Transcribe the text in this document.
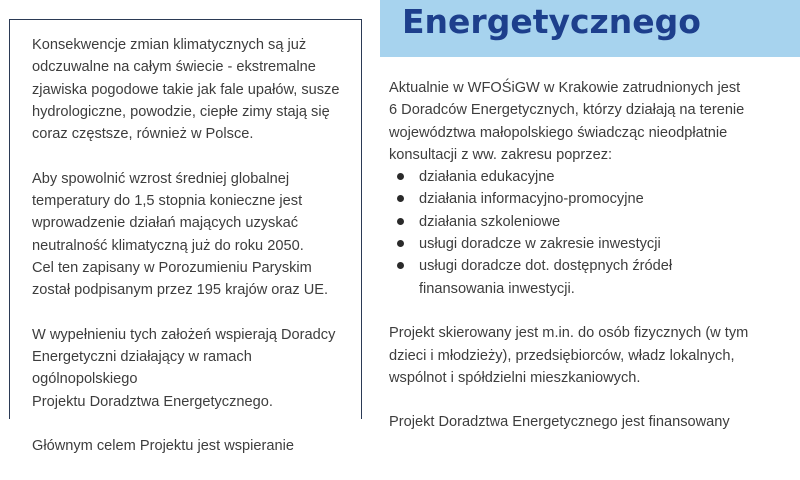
Konsekwencje zmian klimatycznych są już
odczuwalne na całym świecie - ekstremalne
zjawiska pogodowe takie jak fale upałów, susze
hydrologiczne, powodzie, ciepłe zimy stają się
coraz częstsze, również w Polsce.

Aby spowolnić wzrost średniej globalnej
temperatury do 1,5 stopnia konieczne jest
wprowadzenie działań mających uzyskać
neutralność klimatyczną już do roku 2050.
Cel ten zapisany w Porozumieniu Paryskim
został podpisanym przez 195 krajów oraz UE.

W wypełnieniu tych założeń wspierają Doradcy
Energetyczni działający w ramach ogólnopolskiego
Projektu Doradztwa Energetycznego.

Głównym celem Projektu jest wspieranie

Energetycznego

Aktualnie w WFOŚiGW w Krakowie zatrudnionych jest
6 Doradców Energetycznych, którzy działają na terenie
województwa małopolskiego świadcząc nieodpłatnie
konsultacji z ww. zakresu poprzez:

działania edukacyjne
działania informacyjno-promocyjne
działania szkoleniowe
usługi doradcze w zakresie inwestycji
usługi doradcze dot. dostępnych źródeł
finansowania inwestycji.

Projekt skierowany jest m.in. do osób fizycznych (w tym
dzieci i młodzieży), przedsiębiorców, władz lokalnych,
wspólnot i spółdzielni mieszkaniowych.

Projekt Doradztwa Energetycznego jest finansowany
